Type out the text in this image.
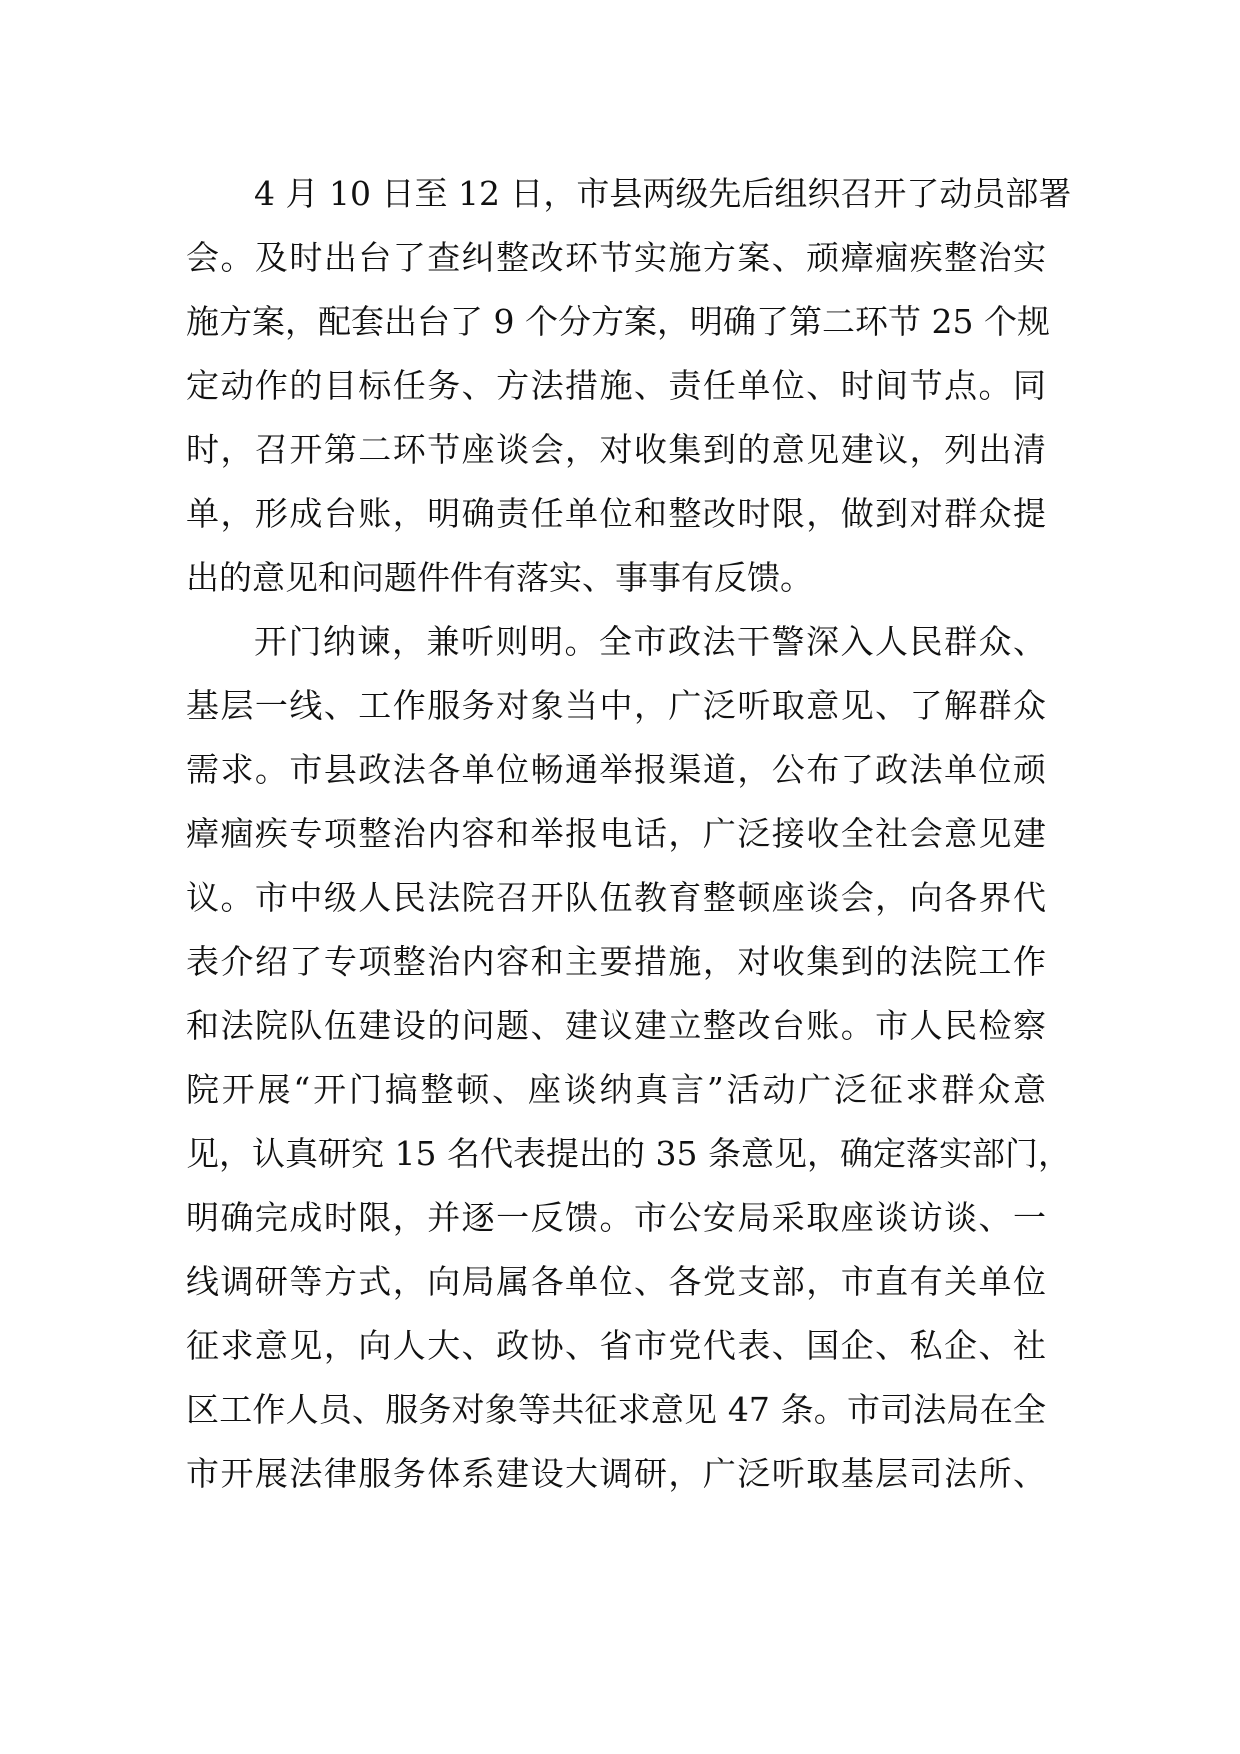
4 月 10 日至 12 日，市县两级先后组织召开了动员部署
会。及时出台了查纠整改环节实施方案、顽瘴痼疾整治实
施方案，配套出台了 9 个分方案，明确了第二环节 25 个规
定动作的目标任务、方法措施、责任单位、时间节点。同
时，召开第二环节座谈会，对收集到的意见建议，列出清
单，形成台账，明确责任单位和整改时限，做到对群众提
出的意见和问题件件有落实、事事有反馈。
开门纳谏，兼听则明。全市政法干警深入人民群众、
基层一线、工作服务对象当中，广泛听取意见、了解群众
需求。市县政法各单位畅通举报渠道，公布了政法单位顽
瘴痼疾专项整治内容和举报电话，广泛接收全社会意见建
议。市中级人民法院召开队伍教育整顿座谈会，向各界代
表介绍了专项整治内容和主要措施，对收集到的法院工作
和法院队伍建设的问题、建议建立整改台账。市人民检察
院开展“开门搞整顿、座谈纳真言”活动广泛征求群众意
见，认真研究 15 名代表提出的 35 条意见，确定落实部门，
明确完成时限，并逐一反馈。市公安局采取座谈访谈、一
线调研等方式，向局属各单位、各党支部，市直有关单位
征求意见，向人大、政协、省市党代表、国企、私企、社
区工作人员、服务对象等共征求意见 47 条。市司法局在全
市开展法律服务体系建设大调研，广泛听取基层司法所、
